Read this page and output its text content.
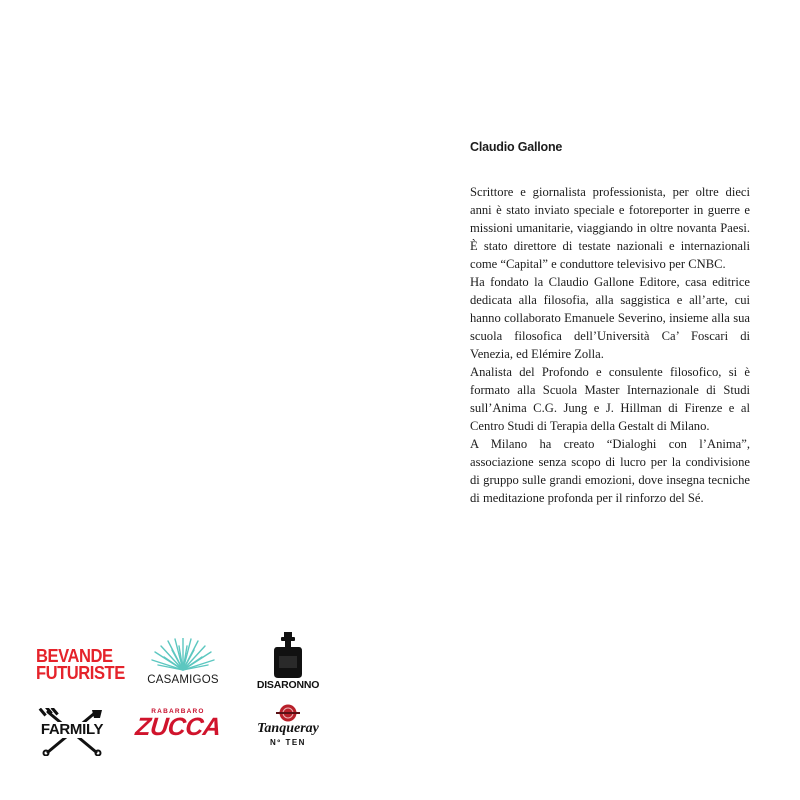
Claudio Gallone

Scrittore e giornalista professionista, per oltre dieci anni è stato inviato speciale e fotoreporter in guerre e missioni umanitarie, viaggiando in oltre novanta Paesi. È stato direttore di testate nazionali e internazionali come “Capital” e conduttore televisivo per CNBC.

Ha fondato la Claudio Gallone Editore, casa editrice dedicata alla filosofia, alla saggistica e all’arte, cui hanno collaborato Emanuele Severino, insieme alla sua scuola filosofica dell’Università Ca’ Foscari di Venezia, ed Elémire Zolla.

Analista del Profondo e consulente filosofico, si è formato alla Scuola Master Internazionale di Studi sull’Anima C.G. Jung e J. Hillman di Firenze e al Centro Studi di Terapia della Gestalt di Milano.

A Milano ha creato “Dialoghi con l’Anima”, associazione senza scopo di lucro per la condivisione di gruppo sulle grandi emozioni, dove insegna tecniche di meditazione profonda per il rinforzo del Sé.

BEVANDE
FUTURISTE	CASAMIGOS	DISARONNO
FARMILY
RABARBARO
ZUCCA	Tanqueray
Nº TEN
